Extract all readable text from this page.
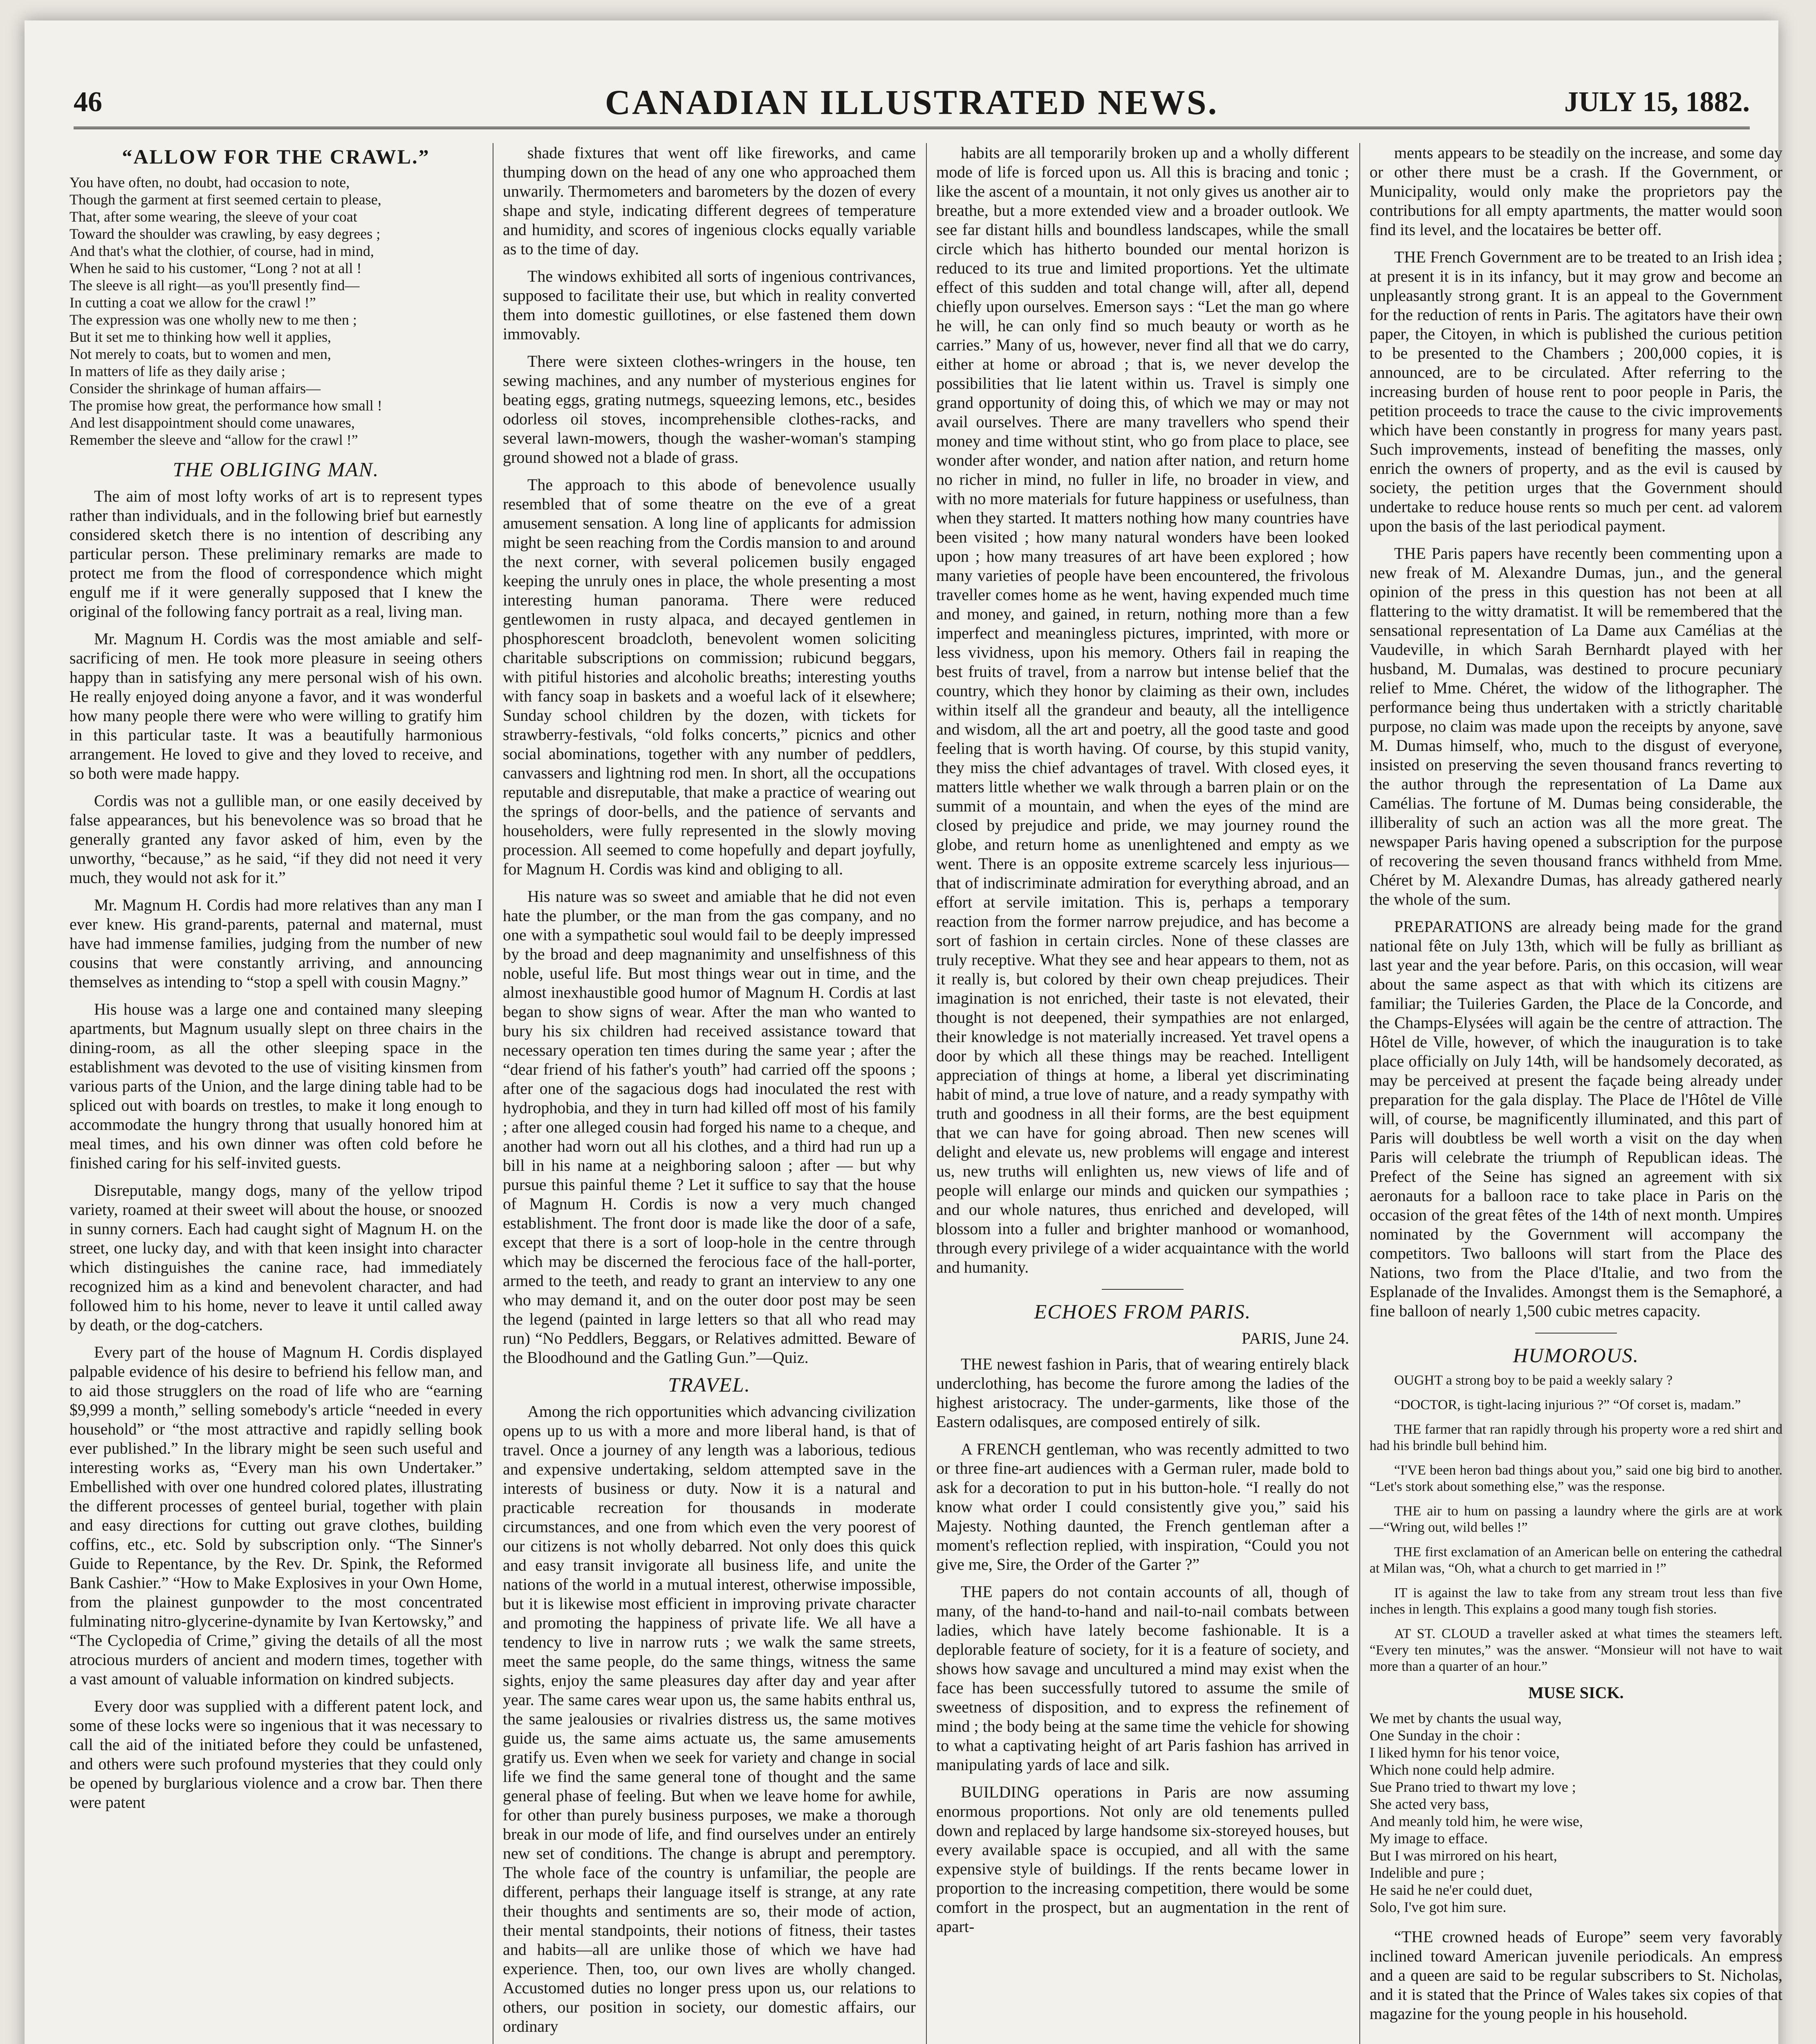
46	CANADIAN ILLUSTRATED NEWS.	JULY 15, 1882.
“ALLOW FOR THE CRAWL.”
You have often, no doubt, had occasion to note,
Though the garment at first seemed certain to please,
That, after some wearing, the sleeve of your coat
Toward the shoulder was crawling, by easy degrees ;
And that's what the clothier, of course, had in mind,
When he said to his customer, “Long ? not at all !
The sleeve is all right—as you'll presently find—
In cutting a coat we allow for the crawl !”
The expression was one wholly new to me then ;
But it set me to thinking how well it applies,
Not merely to coats, but to women and men,
In matters of life as they daily arise ;
Consider the shrinkage of human affairs—
The promise how great, the performance how small !
And lest disappointment should come unawares,
Remember the sleeve and “allow for the crawl !”
THE OBLIGING MAN.

The aim of most lofty works of art is to represent types rather than individuals, and in the following brief but earnestly considered sketch there is no intention of describing any particular person. These preliminary remarks are made to protect me from the flood of correspondence which might engulf me if it were generally supposed that I knew the original of the following fancy portrait as a real, living man.

Mr. Magnum H. Cordis was the most amiable and self-sacrificing of men. He took more pleasure in seeing others happy than in satisfying any mere personal wish of his own. He really enjoyed doing anyone a favor, and it was wonderful how many people there were who were willing to gratify him in this particular taste. It was a beautifully harmonious arrangement. He loved to give and they loved to receive, and so both were made happy.

Cordis was not a gullible man, or one easily deceived by false appearances, but his benevolence was so broad that he generally granted any favor asked of him, even by the unworthy, “because,” as he said, “if they did not need it very much, they would not ask for it.”

Mr. Magnum H. Cordis had more relatives than any man I ever knew. His grand-parents, paternal and maternal, must have had immense families, judging from the number of new cousins that were constantly arriving, and announcing themselves as intending to “stop a spell with cousin Magny.”

His house was a large one and contained many sleeping apartments, but Magnum usually slept on three chairs in the dining-room, as all the other sleeping space in the establishment was devoted to the use of visiting kinsmen from various parts of the Union, and the large dining table had to be spliced out with boards on trestles, to make it long enough to accommodate the hungry throng that usually honored him at meal times, and his own dinner was often cold before he finished caring for his self-invited guests.

Disreputable, mangy dogs, many of the yellow tripod variety, roamed at their sweet will about the house, or snoozed in sunny corners. Each had caught sight of Magnum H. on the street, one lucky day, and with that keen insight into character which distinguishes the canine race, had immediately recognized him as a kind and benevolent character, and had followed him to his home, never to leave it until called away by death, or the dog-catchers.

Every part of the house of Magnum H. Cordis displayed palpable evidence of his desire to befriend his fellow man, and to aid those strugglers on the road of life who are “earning $9,999 a month,” selling somebody's article “needed in every household” or “the most attractive and rapidly selling book ever published.” In the library might be seen such useful and interesting works as, “Every man his own Undertaker.” Embellished with over one hundred colored plates, illustrating the different processes of genteel burial, together with plain and easy directions for cutting out grave clothes, building coffins, etc., etc. Sold by subscription only. “The Sinner's Guide to Repentance, by the Rev. Dr. Spink, the Reformed Bank Cashier.” “How to Make Explosives in your Own Home, from the plainest gunpowder to the most concentrated fulminating nitro-glycerine-dynamite by Ivan Kertowsky,” and “The Cyclopedia of Crime,” giving the details of all the most atrocious murders of ancient and modern times, together with a vast amount of valuable information on kindred subjects.

Every door was supplied with a different patent lock, and some of these locks were so ingenious that it was necessary to call the aid of the initiated before they could be unfastened, and others were such profound mysteries that they could only be opened by burglarious violence and a crow bar. Then there were patent

shade fixtures that went off like fireworks, and came thumping down on the head of any one who approached them unwarily. Thermometers and barometers by the dozen of every shape and style, indicating different degrees of temperature and humidity, and scores of ingenious clocks equally variable as to the time of day.

The windows exhibited all sorts of ingenious contrivances, supposed to facilitate their use, but which in reality converted them into domestic guillotines, or else fastened them down immovably.

There were sixteen clothes-wringers in the house, ten sewing machines, and any number of mysterious engines for beating eggs, grating nutmegs, squeezing lemons, etc., besides odorless oil stoves, incomprehensible clothes-racks, and several lawn-mowers, though the washer-woman's stamping ground showed not a blade of grass.

The approach to this abode of benevolence usually resembled that of some theatre on the eve of a great amusement sensation. A long line of applicants for admission might be seen reaching from the Cordis mansion to and around the next corner, with several policemen busily engaged keeping the unruly ones in place, the whole presenting a most interesting human panorama. There were reduced gentlewomen in rusty alpaca, and decayed gentlemen in phosphorescent broadcloth, benevolent women soliciting charitable subscriptions on commission; rubicund beggars, with pitiful histories and alcoholic breaths; interesting youths with fancy soap in baskets and a woeful lack of it elsewhere; Sunday school children by the dozen, with tickets for strawberry-festivals, “old folks concerts,” picnics and other social abominations, together with any number of peddlers, canvassers and lightning rod men. In short, all the occupations reputable and disreputable, that make a practice of wearing out the springs of door-bells, and the patience of servants and householders, were fully represented in the slowly moving procession. All seemed to come hopefully and depart joyfully, for Magnum H. Cordis was kind and obliging to all.

His nature was so sweet and amiable that he did not even hate the plumber, or the man from the gas company, and no one with a sympathetic soul would fail to be deeply impressed by the broad and deep magnanimity and unselfishness of this noble, useful life. But most things wear out in time, and the almost inexhaustible good humor of Magnum H. Cordis at last began to show signs of wear. After the man who wanted to bury his six children had received assistance toward that necessary operation ten times during the same year ; after the “dear friend of his father's youth” had carried off the spoons ; after one of the sagacious dogs had inoculated the rest with hydrophobia, and they in turn had killed off most of his family ; after one alleged cousin had forged his name to a cheque, and another had worn out all his clothes, and a third had run up a bill in his name at a neighboring saloon ; after — but why pursue this painful theme ? Let it suffice to say that the house of Magnum H. Cordis is now a very much changed establishment. The front door is made like the door of a safe, except that there is a sort of loop-hole in the centre through which may be discerned the ferocious face of the hall-porter, armed to the teeth, and ready to grant an interview to any one who may demand it, and on the outer door post may be seen the legend (painted in large letters so that all who read may run) “No Peddlers, Beggars, or Relatives admitted. Beware of the Bloodhound and the Gatling Gun.”—Quiz.

TRAVEL.

Among the rich opportunities which advancing civilization opens up to us with a more and more liberal hand, is that of travel. Once a journey of any length was a laborious, tedious and expensive undertaking, seldom attempted save in the interests of business or duty. Now it is a natural and practicable recreation for thousands in moderate circumstances, and one from which even the very poorest of our citizens is not wholly debarred. Not only does this quick and easy transit invigorate all business life, and unite the nations of the world in a mutual interest, otherwise impossible, but it is likewise most efficient in improving private character and promoting the happiness of private life. We all have a tendency to live in narrow ruts ; we walk the same streets, meet the same people, do the same things, witness the same sights, enjoy the same pleasures day after day and year after year. The same cares wear upon us, the same habits enthral us, the same jealousies or rivalries distress us, the same motives guide us, the same aims actuate us, the same amusements gratify us. Even when we seek for variety and change in social life we find the same general tone of thought and the same general phase of feeling. But when we leave home for awhile, for other than purely business purposes, we make a thorough break in our mode of life, and find ourselves under an entirely new set of conditions. The change is abrupt and peremptory. The whole face of the country is unfamiliar, the people are different, perhaps their language itself is strange, at any rate their thoughts and sentiments are so, their mode of action, their mental standpoints, their notions of fitness, their tastes and habits—all are unlike those of which we have had experience. Then, too, our own lives are wholly changed. Accustomed duties no longer press upon us, our relations to others, our position in society, our domestic affairs, our ordinary

habits are all temporarily broken up and a wholly different mode of life is forced upon us. All this is bracing and tonic ; like the ascent of a mountain, it not only gives us another air to breathe, but a more extended view and a broader outlook. We see far distant hills and boundless landscapes, while the small circle which has hitherto bounded our mental horizon is reduced to its true and limited proportions. Yet the ultimate effect of this sudden and total change will, after all, depend chiefly upon ourselves. Emerson says : “Let the man go where he will, he can only find so much beauty or worth as he carries.” Many of us, however, never find all that we do carry, either at home or abroad ; that is, we never develop the possibilities that lie latent within us. Travel is simply one grand opportunity of doing this, of which we may or may not avail ourselves. There are many travellers who spend their money and time without stint, who go from place to place, see wonder after wonder, and nation after nation, and return home no richer in mind, no fuller in life, no broader in view, and with no more materials for future happiness or usefulness, than when they started. It matters nothing how many countries have been visited ; how many natural wonders have been looked upon ; how many treasures of art have been explored ; how many varieties of people have been encountered, the frivolous traveller comes home as he went, having expended much time and money, and gained, in return, nothing more than a few imperfect and meaningless pictures, imprinted, with more or less vividness, upon his memory. Others fail in reaping the best fruits of travel, from a narrow but intense belief that the country, which they honor by claiming as their own, includes within itself all the grandeur and beauty, all the intelligence and wisdom, all the art and poetry, all the good taste and good feeling that is worth having. Of course, by this stupid vanity, they miss the chief advantages of travel. With closed eyes, it matters little whether we walk through a barren plain or on the summit of a mountain, and when the eyes of the mind are closed by prejudice and pride, we may journey round the globe, and return home as unenlightened and empty as we went. There is an opposite extreme scarcely less injurious—that of indiscriminate admiration for everything abroad, and an effort at servile imitation. This is, perhaps a temporary reaction from the former narrow prejudice, and has become a sort of fashion in certain circles. None of these classes are truly receptive. What they see and hear appears to them, not as it really is, but colored by their own cheap prejudices. Their imagination is not enriched, their taste is not elevated, their thought is not deepened, their sympathies are not enlarged, their knowledge is not materially increased. Yet travel opens a door by which all these things may be reached. Intelligent appreciation of things at home, a liberal yet discriminating habit of mind, a true love of nature, and a ready sympathy with truth and goodness in all their forms, are the best equipment that we can have for going abroad. Then new scenes will delight and elevate us, new problems will engage and interest us, new truths will enlighten us, new views of life and of people will enlarge our minds and quicken our sympathies ; and our whole natures, thus enriched and developed, will blossom into a fuller and brighter manhood or womanhood, through every privilege of a wider acquaintance with the world and humanity.

ECHOES FROM PARIS.
PARIS, June 24.

THE newest fashion in Paris, that of wearing entirely black underclothing, has become the furore among the ladies of the highest aristocracy. The under-garments, like those of the Eastern odalisques, are composed entirely of silk.

A FRENCH gentleman, who was recently admitted to two or three fine-art audiences with a German ruler, made bold to ask for a decoration to put in his button-hole. “I really do not know what order I could consistently give you,” said his Majesty. Nothing daunted, the French gentleman after a moment's reflection replied, with inspiration, “Could you not give me, Sire, the Order of the Garter ?”

THE papers do not contain accounts of all, though of many, of the hand-to-hand and nail-to-nail combats between ladies, which have lately become fashionable. It is a deplorable feature of society, for it is a feature of society, and shows how savage and uncultured a mind may exist when the face has been successfully tutored to assume the smile of sweetness of disposition, and to express the refinement of mind ; the body being at the same time the vehicle for showing to what a captivating height of art Paris fashion has arrived in manipulating yards of lace and silk.

BUILDING operations in Paris are now assuming enormous proportions. Not only are old tenements pulled down and replaced by large handsome six-storeyed houses, but every available space is occupied, and all with the same expensive style of buildings. If the rents became lower in proportion to the increasing competition, there would be some comfort in the prospect, but an augmentation in the rent of apart-

ments appears to be steadily on the increase, and some day or other there must be a crash. If the Government, or Municipality, would only make the proprietors pay the contributions for all empty apartments, the matter would soon find its level, and the locataires be better off.

THE French Government are to be treated to an Irish idea ; at present it is in its infancy, but it may grow and become an unpleasantly strong grant. It is an appeal to the Government for the reduction of rents in Paris. The agitators have their own paper, the Citoyen, in which is published the curious petition to be presented to the Chambers ; 200,000 copies, it is announced, are to be circulated. After referring to the increasing burden of house rent to poor people in Paris, the petition proceeds to trace the cause to the civic improvements which have been constantly in progress for many years past. Such improvements, instead of benefiting the masses, only enrich the owners of property, and as the evil is caused by society, the petition urges that the Government should undertake to reduce house rents so much per cent. ad valorem upon the basis of the last periodical payment.

THE Paris papers have recently been commenting upon a new freak of M. Alexandre Dumas, jun., and the general opinion of the press in this question has not been at all flattering to the witty dramatist. It will be remembered that the sensational representation of La Dame aux Camélias at the Vaudeville, in which Sarah Bernhardt played with her husband, M. Dumalas, was destined to procure pecuniary relief to Mme. Chéret, the widow of the lithographer. The performance being thus undertaken with a strictly charitable purpose, no claim was made upon the receipts by anyone, save M. Dumas himself, who, much to the disgust of everyone, insisted on preserving the seven thousand francs reverting to the author through the representation of La Dame aux Camélias. The fortune of M. Dumas being considerable, the illiberality of such an action was all the more great. The newspaper Paris having opened a subscription for the purpose of recovering the seven thousand francs withheld from Mme. Chéret by M. Alexandre Dumas, has already gathered nearly the whole of the sum.

PREPARATIONS are already being made for the grand national fête on July 13th, which will be fully as brilliant as last year and the year before. Paris, on this occasion, will wear about the same aspect as that with which its citizens are familiar; the Tuileries Garden, the Place de la Concorde, and the Champs-Elysées will again be the centre of attraction. The Hôtel de Ville, however, of which the inauguration is to take place officially on July 14th, will be handsomely decorated, as may be perceived at present the façade being already under preparation for the gala display. The Place de l'Hôtel de Ville will, of course, be magnificently illuminated, and this part of Paris will doubtless be well worth a visit on the day when Paris will celebrate the triumph of Republican ideas. The Prefect of the Seine has signed an agreement with six aeronauts for a balloon race to take place in Paris on the occasion of the great fêtes of the 14th of next month. Umpires nominated by the Government will accompany the competitors. Two balloons will start from the Place des Nations, two from the Place d'Italie, and two from the Esplanade of the Invalides. Amongst them is the Semaphoré, a fine balloon of nearly 1,500 cubic metres capacity.

HUMOROUS.

OUGHT a strong boy to be paid a weekly salary ?

“DOCTOR, is tight-lacing injurious ?” “Of corset is, madam.”

THE farmer that ran rapidly through his property wore a red shirt and had his brindle bull behind him.

“I'VE been heron bad things about you,” said one big bird to another. “Let's stork about something else,” was the response.

THE air to hum on passing a laundry where the girls are at work—“Wring out, wild belles !”

THE first exclamation of an American belle on entering the cathedral at Milan was, “Oh, what a church to get married in !”

IT is against the law to take from any stream trout less than five inches in length. This explains a good many tough fish stories.

AT ST. CLOUD a traveller asked at what times the steamers left. “Every ten minutes,” was the answer. “Monsieur will not have to wait more than a quarter of an hour.”

MUSE SICK.
We met by chants the usual way,
One Sunday in the choir :
I liked hymn for his tenor voice,
Which none could help admire.
Sue Prano tried to thwart my love ;
She acted very bass,
And meanly told him, he were wise,
My image to efface.
But I was mirrored on his heart,
Indelible and pure ;
He said he ne'er could duet,
Solo, I've got him sure.

“THE crowned heads of Europe” seem very favorably inclined toward American juvenile periodicals. An empress and a queen are said to be regular subscribers to St. Nicholas, and it is stated that the Prince of Wales takes six copies of that magazine for the young people in his household.
